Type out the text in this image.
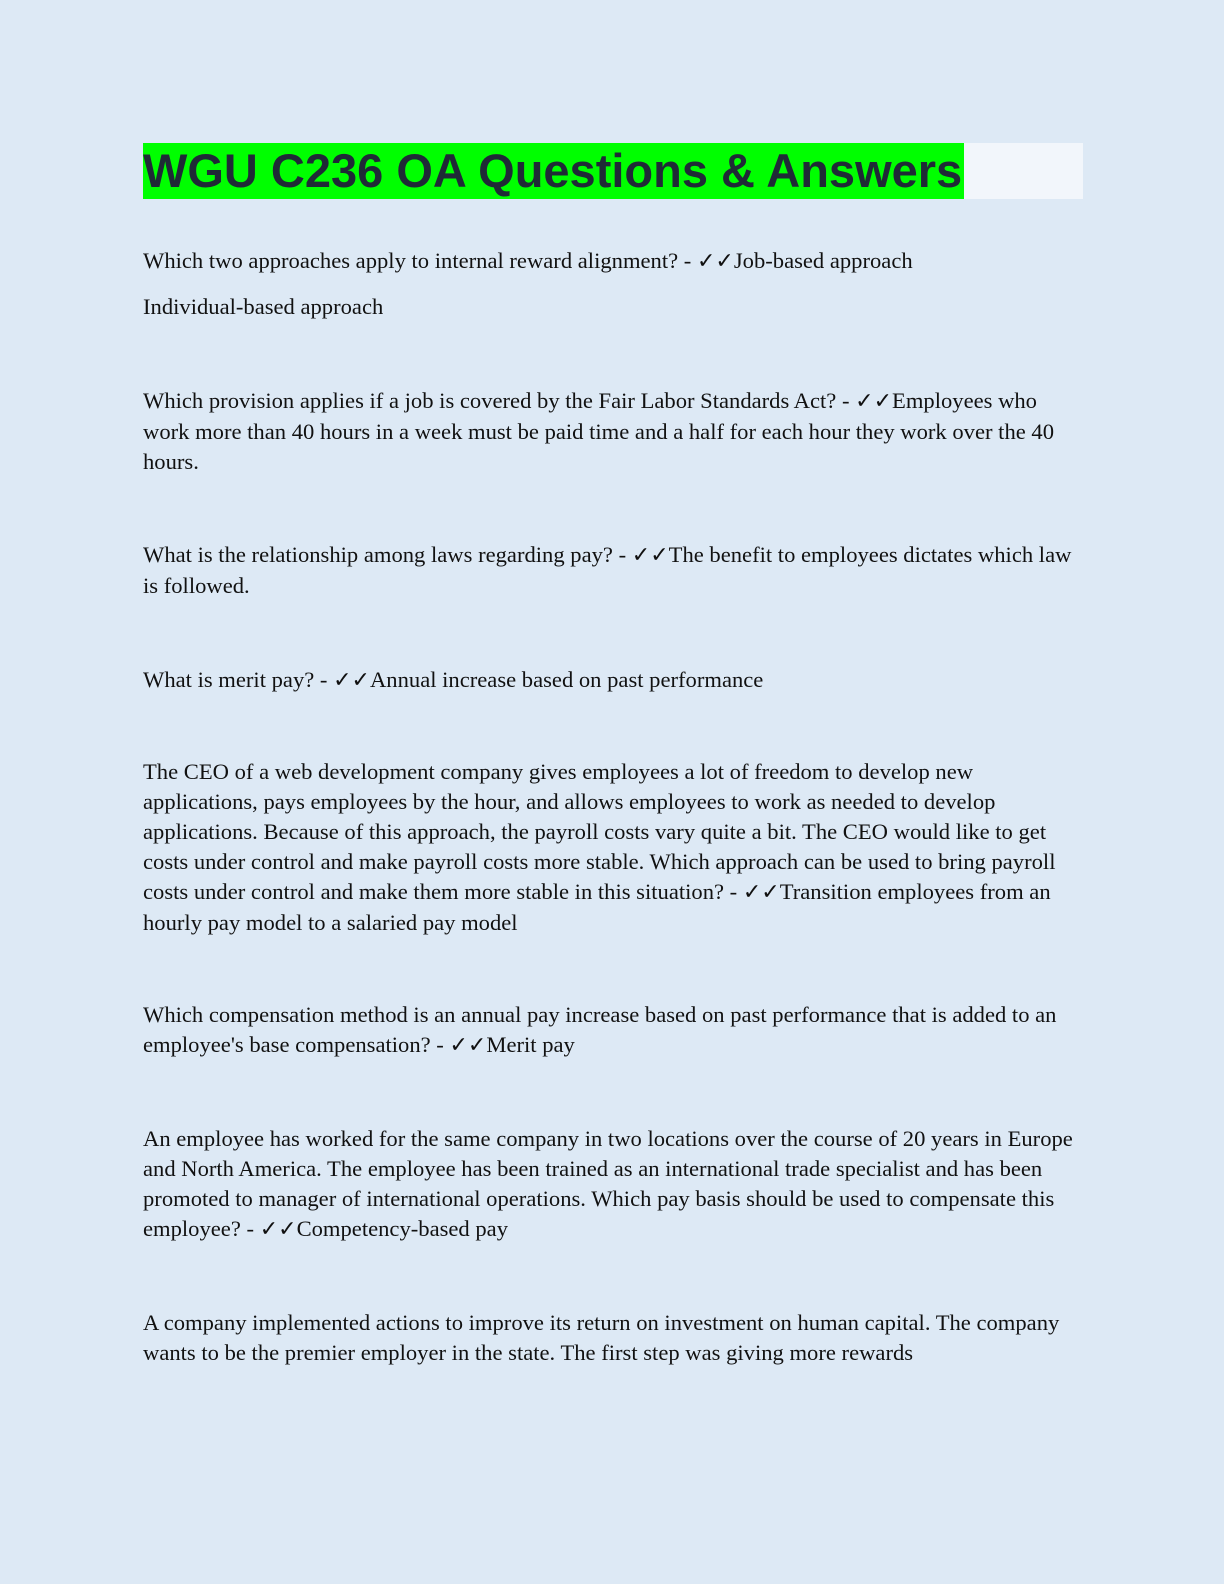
WGU C236 OA Questions & Answers

Which two approaches apply to internal reward alignment? - ✓✓Job-based approach

Individual-based approach

Which provision applies if a job is covered by the Fair Labor Standards Act? - ✓✓Employees who work more than 40 hours in a week must be paid time and a half for each hour they work over the 40 hours.

What is the relationship among laws regarding pay? - ✓✓The benefit to employees dictates which law is followed.

What is merit pay? - ✓✓Annual increase based on past performance

The CEO of a web development company gives employees a lot of freedom to develop new applications, pays employees by the hour, and allows employees to work as needed to develop applications. Because of this approach, the payroll costs vary quite a bit. The CEO would like to get costs under control and make payroll costs more stable. Which approach can be used to bring payroll costs under control and make them more stable in this situation? - ✓✓Transition employees from an hourly pay model to a salaried pay model

Which compensation method is an annual pay increase based on past performance that is added to an employee's base compensation? - ✓✓Merit pay

An employee has worked for the same company in two locations over the course of 20 years in Europe and North America. The employee has been trained as an international trade specialist and has been promoted to manager of international operations. Which pay basis should be used to compensate this employee? - ✓✓Competency-based pay

A company implemented actions to improve its return on investment on human capital. The company wants to be the premier employer in the state. The first step was giving more rewards
